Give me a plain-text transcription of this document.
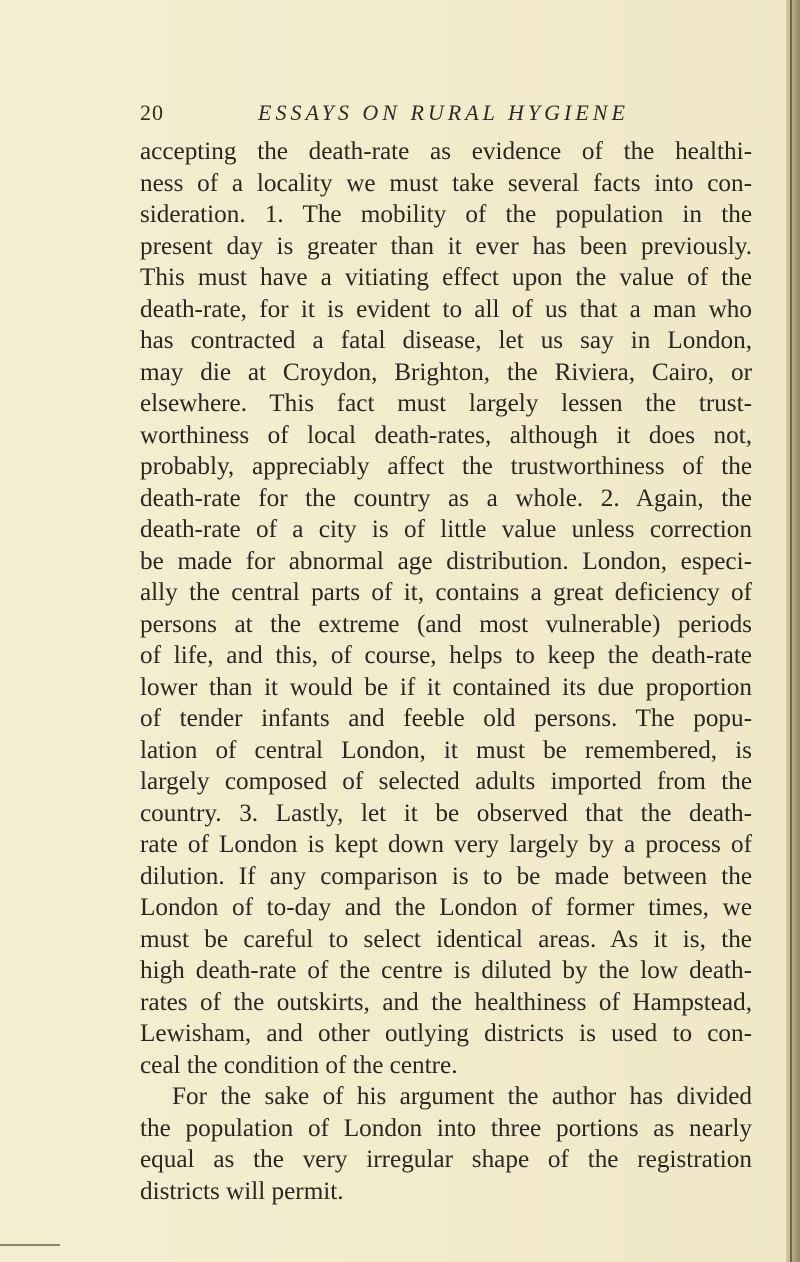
20	ESSAYS ON RURAL HYGIENE
accepting the death-rate as evidence of the healthi-
ness of a locality we must take several facts into con-
sideration. 1. The mobility of the population in the
present day is greater than it ever has been previously.
This must have a vitiating effect upon the value of the
death-rate, for it is evident to all of us that a man who
has contracted a fatal disease, let us say in London,
may die at Croydon, Brighton, the Riviera, Cairo, or
elsewhere. This fact must largely lessen the trust-
worthiness of local death-rates, although it does not,
probably, appreciably affect the trustworthiness of the
death-rate for the country as a whole. 2. Again, the
death-rate of a city is of little value unless correction
be made for abnormal age distribution. London, especi-
ally the central parts of it, contains a great deficiency of
persons at the extreme (and most vulnerable) periods
of life, and this, of course, helps to keep the death-rate
lower than it would be if it contained its due proportion
of tender infants and feeble old persons. The popu-
lation of central London, it must be remembered, is
largely composed of selected adults imported from the
country. 3. Lastly, let it be observed that the death-
rate of London is kept down very largely by a process of
dilution. If any comparison is to be made between the
London of to-day and the London of former times, we
must be careful to select identical areas. As it is, the
high death-rate of the centre is diluted by the low death-
rates of the outskirts, and the healthiness of Hampstead,
Lewisham, and other outlying districts is used to con-
ceal the condition of the centre.
For the sake of his argument the author has divided
the population of London into three portions as nearly
equal as the very irregular shape of the registration
districts will permit.
